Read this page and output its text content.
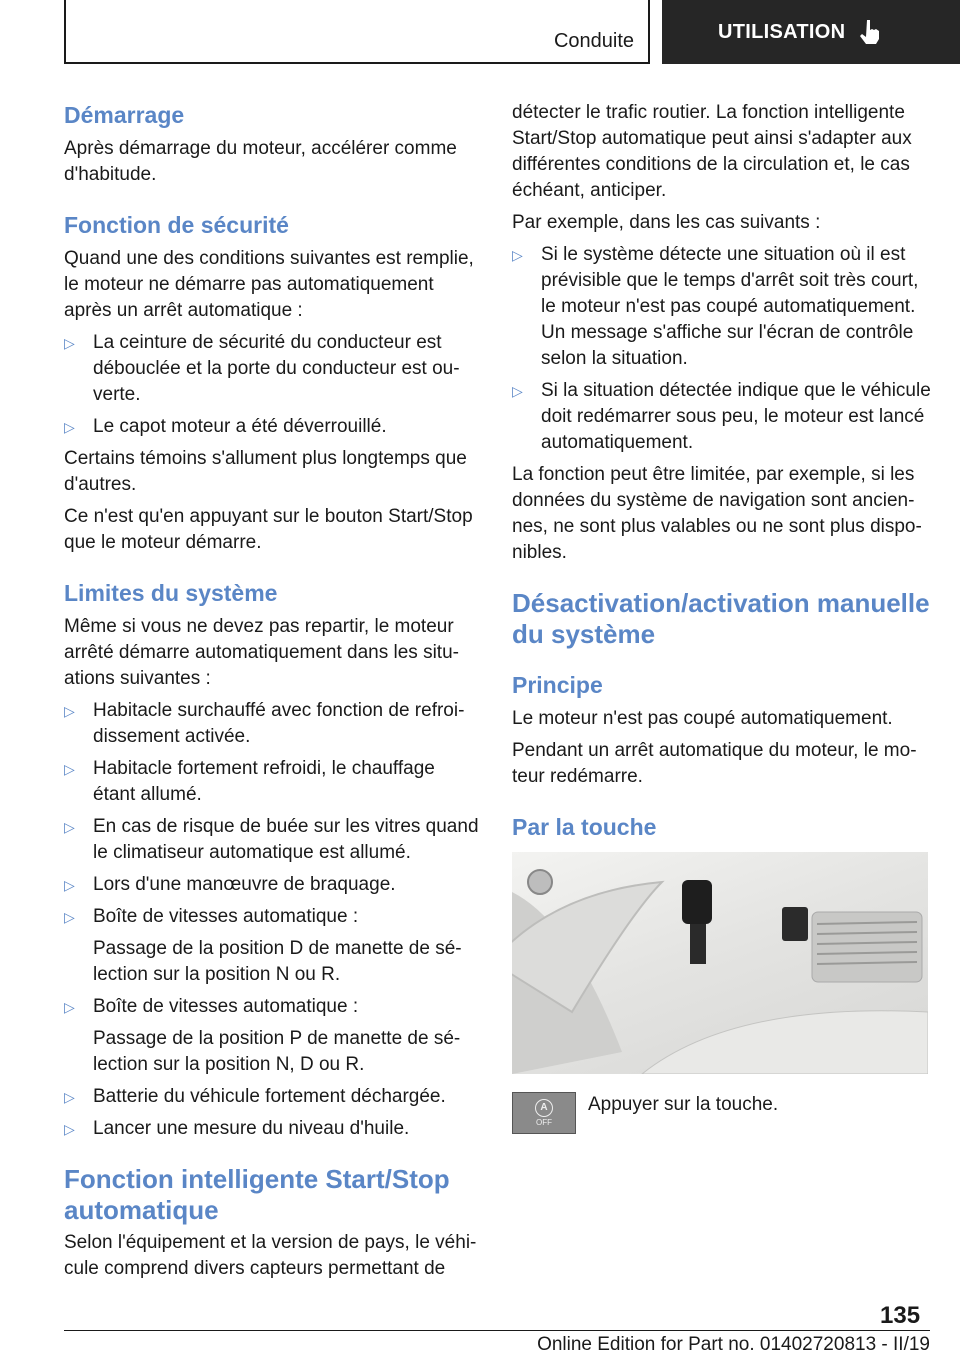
Conduite	UTILISATION
Démarrage

Après démarrage du moteur, accélérer comme d'habitude.

Fonction de sécurité

Quand une des conditions suivantes est remplie, le moteur ne démarre pas automatiquement après un arrêt automatique :

▷ La ceinture de sécurité du conducteur est débouclée et la porte du conducteur est ouverte.
▷ Le capot moteur a été déverrouillé.

Certains témoins s'allument plus longtemps que d'autres.

Ce n'est qu'en appuyant sur le bouton Start/Stop que le moteur démarre.

Limites du système

Même si vous ne devez pas repartir, le moteur arrêté démarre automatiquement dans les situations suivantes :

▷ Habitacle surchauffé avec fonction de refroidissement activée.
▷ Habitacle fortement refroidi, le chauffage étant allumé.
▷ En cas de risque de buée sur les vitres quand le climatiseur automatique est allumé.
▷ Lors d'une manœuvre de braquage.
▷ Boîte de vitesses automatique :

Passage de la position D de manette de sélection sur la position N ou R.

▷ Boîte de vitesses automatique :

Passage de la position P de manette de sélection sur la position N, D ou R.

▷ Batterie du véhicule fortement déchargée.
▷ Lancer une mesure du niveau d'huile.
Fonction intelligente Start/Stop automatique

Selon l'équipement et la version de pays, le véhicule comprend divers capteurs permettant de

détecter le trafic routier. La fonction intelligente Start/Stop automatique peut ainsi s'adapter aux différentes conditions de la circulation et, le cas échéant, anticiper.

Par exemple, dans les cas suivants :

▷ Si le système détecte une situation où il est prévisible que le temps d'arrêt soit très court, le moteur n'est pas coupé automatiquement. Un message s'affiche sur l'écran de contrôle selon la situation.
▷ Si la situation détectée indique que le véhicule doit redémarrer sous peu, le moteur est lancé automatiquement.

La fonction peut être limitée, par exemple, si les données du système de navigation sont anciennes, ne sont plus valables ou ne sont plus disponibles.

Désactivation/activation manuelle du système
Principe

Le moteur n'est pas coupé automatiquement.

Pendant un arrêt automatique du moteur, le moteur redémarre.

Par la touche
A
OFF

Appuyer sur la touche.

135
Online Edition for Part no. 01402720813 - II/19
